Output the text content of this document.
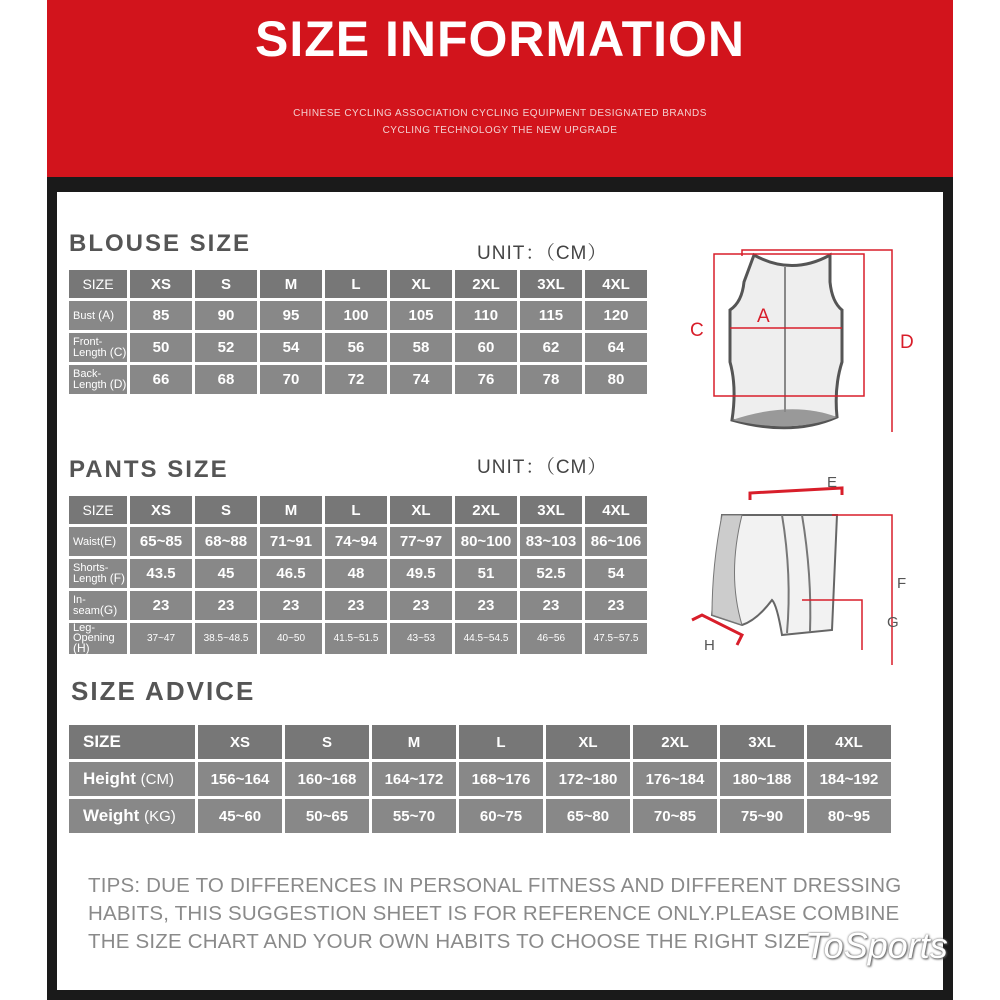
SIZE INFORMATION
CHINESE CYCLING ASSOCIATION CYCLING EQUIPMENT DESIGNATED BRANDS
CYCLING TECHNOLOGY THE NEW UPGRADE
BLOUSE SIZE	UNIT：（CM）
SIZE	XS	S	M	L	XL	2XL	3XL	4XL
Bust (A)	85	90	95	100	105	110	115	120
Front-Length (C)	50	52	54	56	58	60	62	64
Back-Length (D)	66	68	70	72	74	76	78	80
A
C
D
PANTS SIZE	UNIT：（CM）
SIZE	XS	S	M	L	XL	2XL	3XL	4XL
Waist(E)	65~85	68~88	71~91	74~94	77~97	80~100	83~103	86~106
Shorts-Length (F)	43.5	45	46.5	48	49.5	51	52.5	54
In-seam(G)	23	23	23	23	23	23	23	23
Leg-Opening (H)	37~47	38.5~48.5	40~50	41.5~51.5	43~53	44.5~54.5	46~56	47.5~57.5
E
F
G
H
SIZE ADVICE
SIZE	XS	S	M	L	XL	2XL	3XL	4XL
Height (CM)	156~164	160~168	164~172	168~176	172~180	176~184	180~188	184~192
Weight (KG)	45~60	50~65	55~70	60~75	65~80	70~85	75~90	80~95
TIPS: DUE TO DIFFERENCES IN PERSONAL FITNESS AND DIFFERENT DRESSING HABITS, THIS SUGGESTION SHEET IS FOR REFERENCE ONLY.PLEASE COMBINE THE SIZE CHART AND YOUR OWN HABITS TO CHOOSE THE RIGHT SIZE
ToSports
